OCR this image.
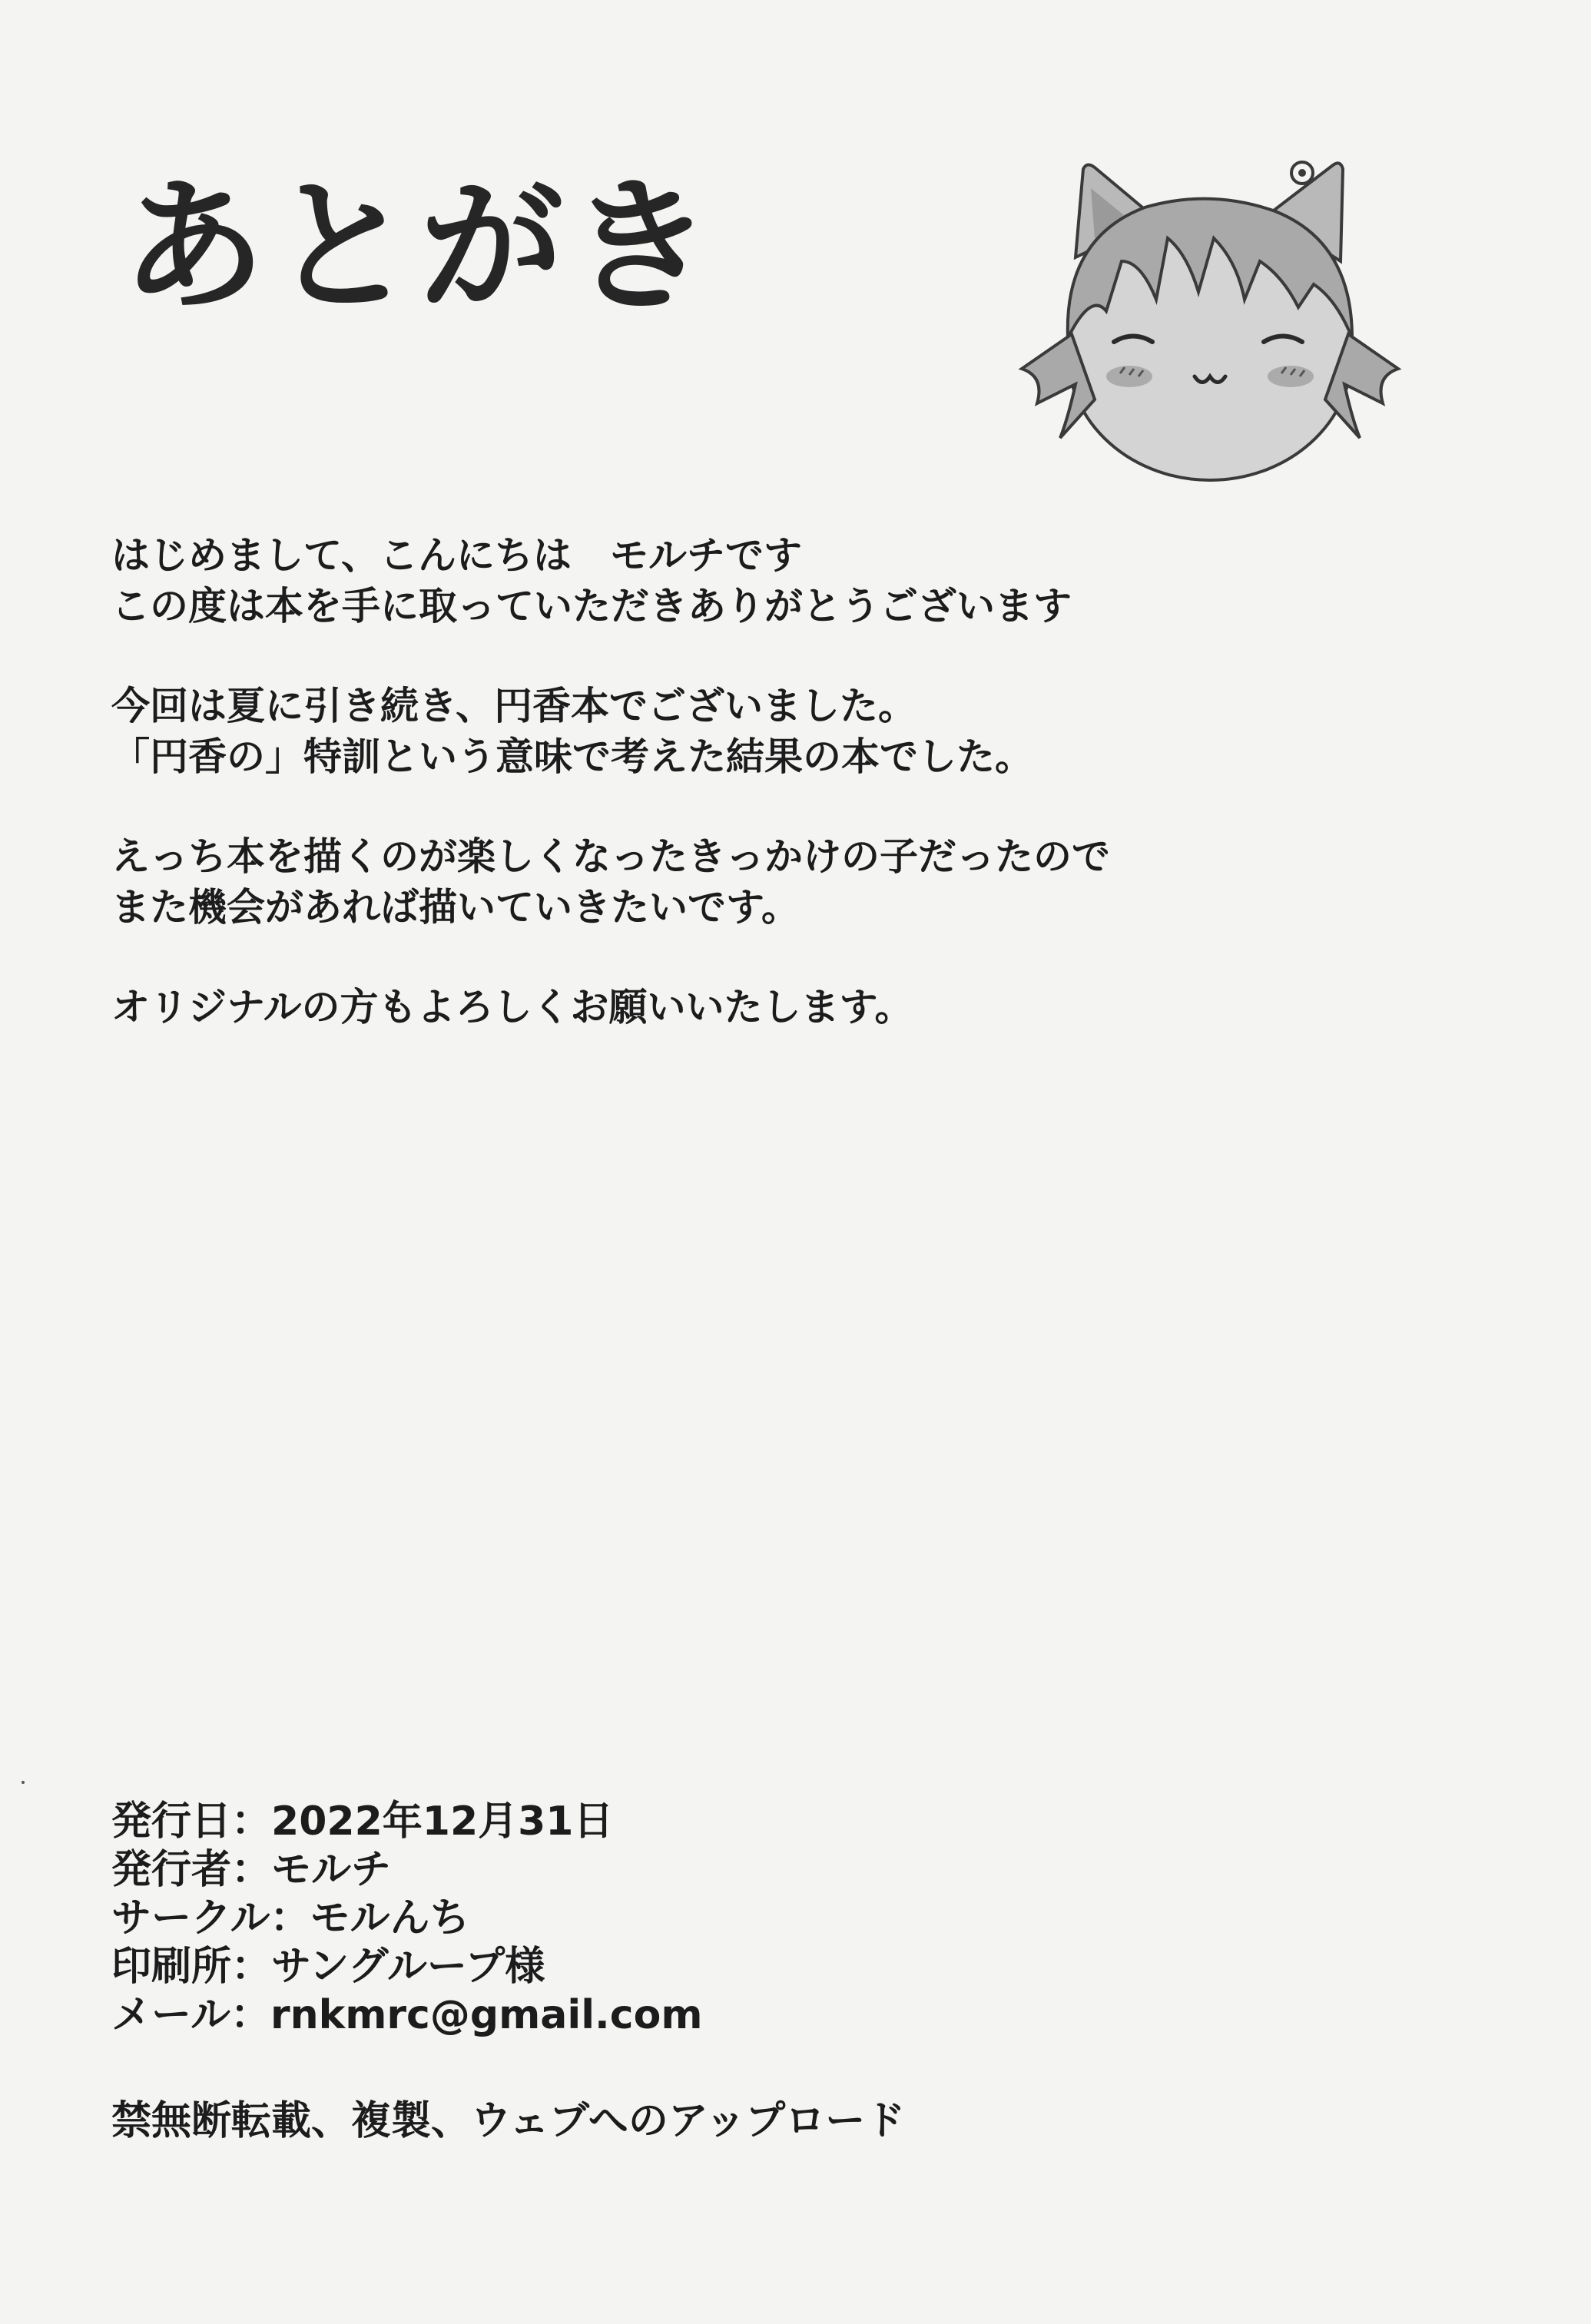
あとがき

はじめまして、こんにちは　モルチです
この度は本を手に取っていただきありがとうございます

今回は夏に引き続き、円香本でございました。
「円香の」特訓という意味で考えた結果の本でした。

えっち本を描くのが楽しくなったきっかけの子だったので
また機会があれば描いていきたいです。

オリジナルの方もよろしくお願いいたします。

発行日：2022年12月31日
発行者：モルチ
サークル：モルんち
印刷所：サングループ様
メール：rnkmrc@gmail.com
禁無断転載、複製、ウェブへのアップロード
